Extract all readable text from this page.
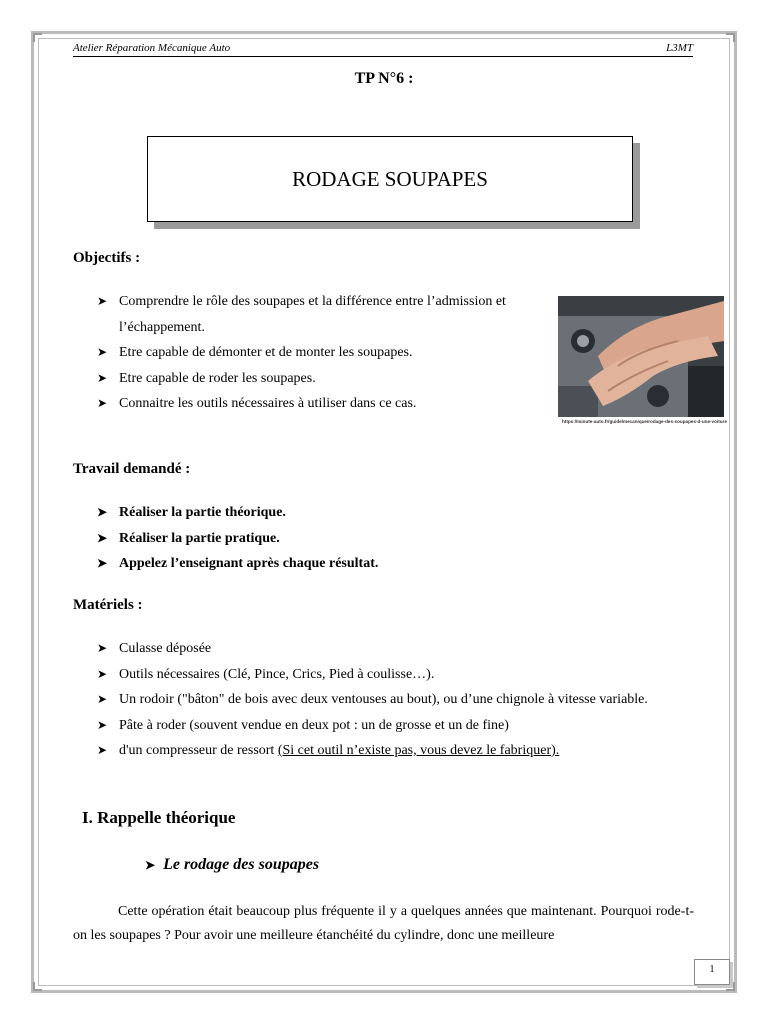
Atelier Réparation Mécanique Auto	L3MT
TP N°6 :
RODAGE SOUPAPES
Objectifs :
➤ Comprendre le rôle des soupapes et la différence entre l’admission et l’échappement.
➤ Etre capable de démonter et de monter les soupapes.
➤ Etre capable de roder les soupapes.
➤ Connaitre les outils nécessaires à utiliser dans ce cas.
https://minute-auto.fr/guide/mecanique/rodage-des-soupapes-d-une-voiture
Travail demandé :
➤ Réaliser la partie théorique.
➤ Réaliser la partie pratique.
➤ Appelez l’enseignant après chaque résultat.
Matériels :
➤ Culasse déposée
➤ Outils nécessaires (Clé, Pince, Crics, Pied à coulisse…).
➤ Un rodoir ("bâton" de bois avec deux ventouses au bout), ou d’une chignole à vitesse variable.
➤ Pâte à roder (souvent vendue en deux pot : un de grosse et un de fine)
➤ d'un compresseur de ressort (Si cet outil n’existe pas, vous devez le fabriquer).
I. Rappelle théorique
➤ Le rodage des soupapes
Cette opération était beaucoup plus fréquente il y a quelques années que maintenant. Pourquoi rode-t-on les soupapes ? Pour avoir une meilleure étanchéité du cylindre, donc une meilleure
1
